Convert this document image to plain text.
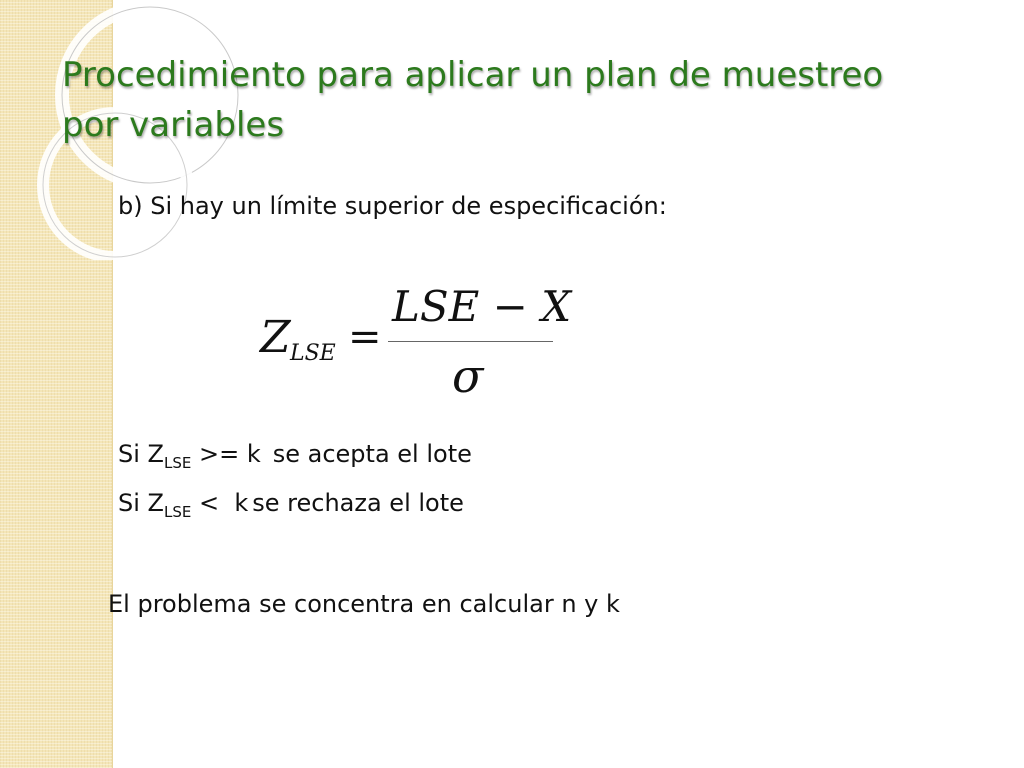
Procedimiento para aplicar un plan de muestreo
por variables
b) Si hay un límite superior de especificación:
Z LSE =
LSE − X
σ
Si $Z_{LSE} >= k$ se acepta el lote
Si $Z_{LSE} < k$ se rechaza el lote
El problema se concentra en calcular n y k
